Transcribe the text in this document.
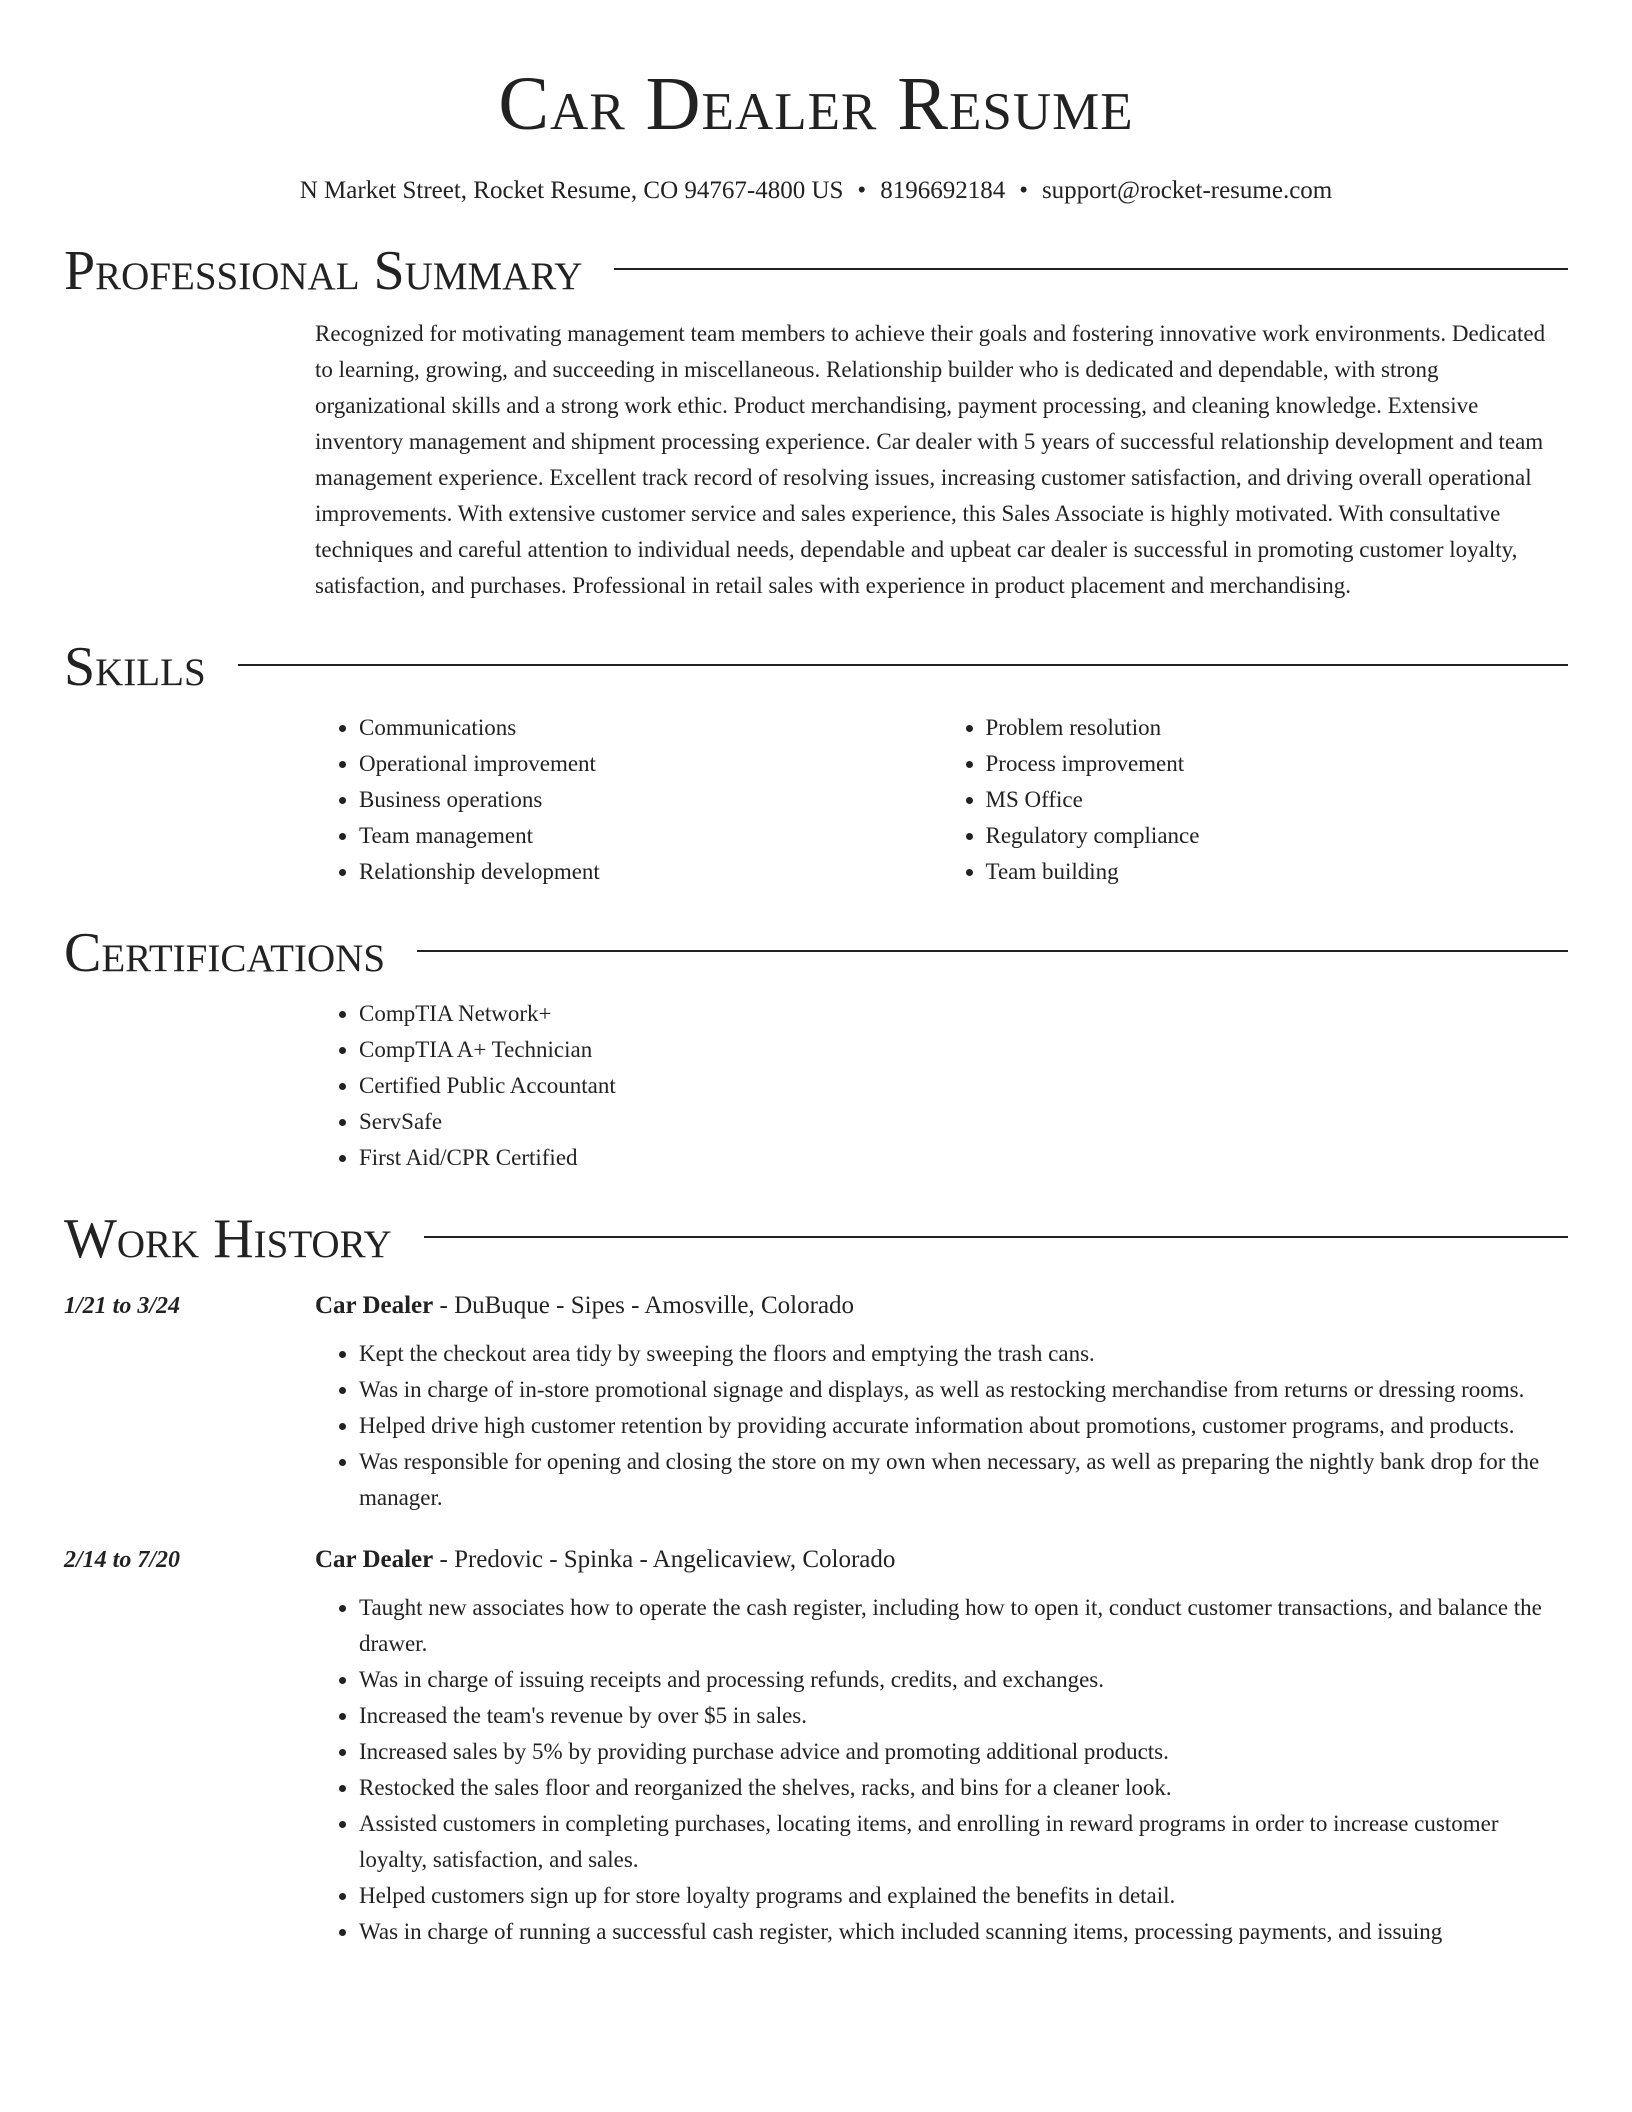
Car Dealer Resume
N Market Street, Rocket Resume, CO 94767-4800 US • 8196692184 • support@rocket-resume.com
Professional Summary

Recognized for motivating management team members to achieve their goals and fostering innovative work environments. Dedicated to learning, growing, and succeeding in miscellaneous. Relationship builder who is dedicated and dependable, with strong organizational skills and a strong work ethic. Product merchandising, payment processing, and cleaning knowledge. Extensive inventory management and shipment processing experience. Car dealer with 5 years of successful relationship development and team management experience. Excellent track record of resolving issues, increasing customer satisfaction, and driving overall operational improvements. With extensive customer service and sales experience, this Sales Associate is highly motivated. With consultative techniques and careful attention to individual needs, dependable and upbeat car dealer is successful in promoting customer loyalty, satisfaction, and purchases. Professional in retail sales with experience in product placement and merchandising.

Skills
• Communications
• Operational improvement
• Business operations
• Team management
• Relationship development
• Problem resolution
• Process improvement
• MS Office
• Regulatory compliance
• Team building
Certifications
• CompTIA Network+
• CompTIA A+ Technician
• Certified Public Accountant
• ServSafe
• First Aid/CPR Certified
Work History
1/21 to 3/24	Car Dealer - DuBuque - Sipes - Amosville, Colorado
• Kept the checkout area tidy by sweeping the floors and emptying the trash cans.
• Was in charge of in-store promotional signage and displays, as well as restocking merchandise from returns or dressing rooms.
• Helped drive high customer retention by providing accurate information about promotions, customer programs, and products.
• Was responsible for opening and closing the store on my own when necessary, as well as preparing the nightly bank drop for the manager.
2/14 to 7/20	Car Dealer - Predovic - Spinka - Angelicaview, Colorado
• Taught new associates how to operate the cash register, including how to open it, conduct customer transactions, and balance the drawer.
• Was in charge of issuing receipts and processing refunds, credits, and exchanges.
• Increased the team's revenue by over $5 in sales.
• Increased sales by 5% by providing purchase advice and promoting additional products.
• Restocked the sales floor and reorganized the shelves, racks, and bins for a cleaner look.
• Assisted customers in completing purchases, locating items, and enrolling in reward programs in order to increase customer loyalty, satisfaction, and sales.
• Helped customers sign up for store loyalty programs and explained the benefits in detail.
• Was in charge of running a successful cash register, which included scanning items, processing payments, and issuing
